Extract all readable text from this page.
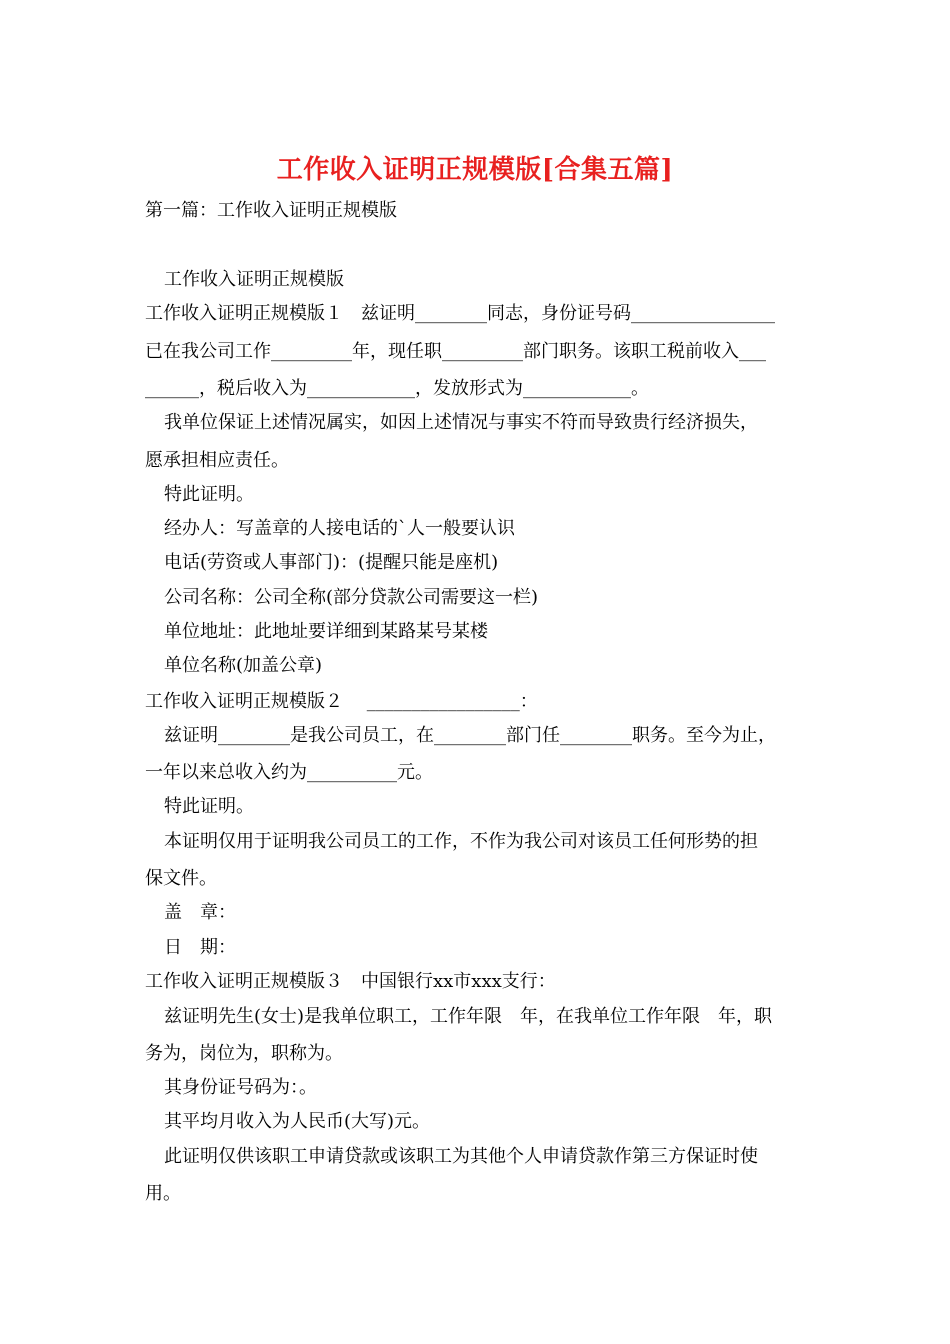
工作收入证明正规模版[合集五篇]
第一篇：工作收入证明正规模版
工作收入证明正规模版
工作收入证明正规模版１　兹证明________同志，身份证号码________________
已在我公司工作_________年，现任职_________部门职务。该职工税前收入___
______，税后收入为____________，发放形式为____________。
我单位保证上述情况属实，如因上述情况与事实不符而导致贵行经济损失，
愿承担相应责任。
特此证明。
经办人：写盖章的人接电话的`人一般要认识
电话(劳资或人事部门)：(提醒只能是座机)
公司名称：公司全称(部分贷款公司需要这一栏)
单位地址：此地址要详细到某路某号某楼
单位名称(加盖公章)
工作收入证明正规模版２　 _________________：
兹证明________是我公司员工，在________部门任________职务。至今为止，
一年以来总收入约为__________元。
特此证明。
本证明仅用于证明我公司员工的工作，不作为我公司对该员工任何形势的担
保文件。
盖　章：
日　期：
工作收入证明正规模版３　中国银行xx市xxx支行：
兹证明先生(女士)是我单位职工，工作年限　年，在我单位工作年限　年，职
务为，岗位为，职称为。
其身份证号码为：。
其平均月收入为人民币(大写)元。
此证明仅供该职工申请贷款或该职工为其他个人申请贷款作第三方保证时使
用。
